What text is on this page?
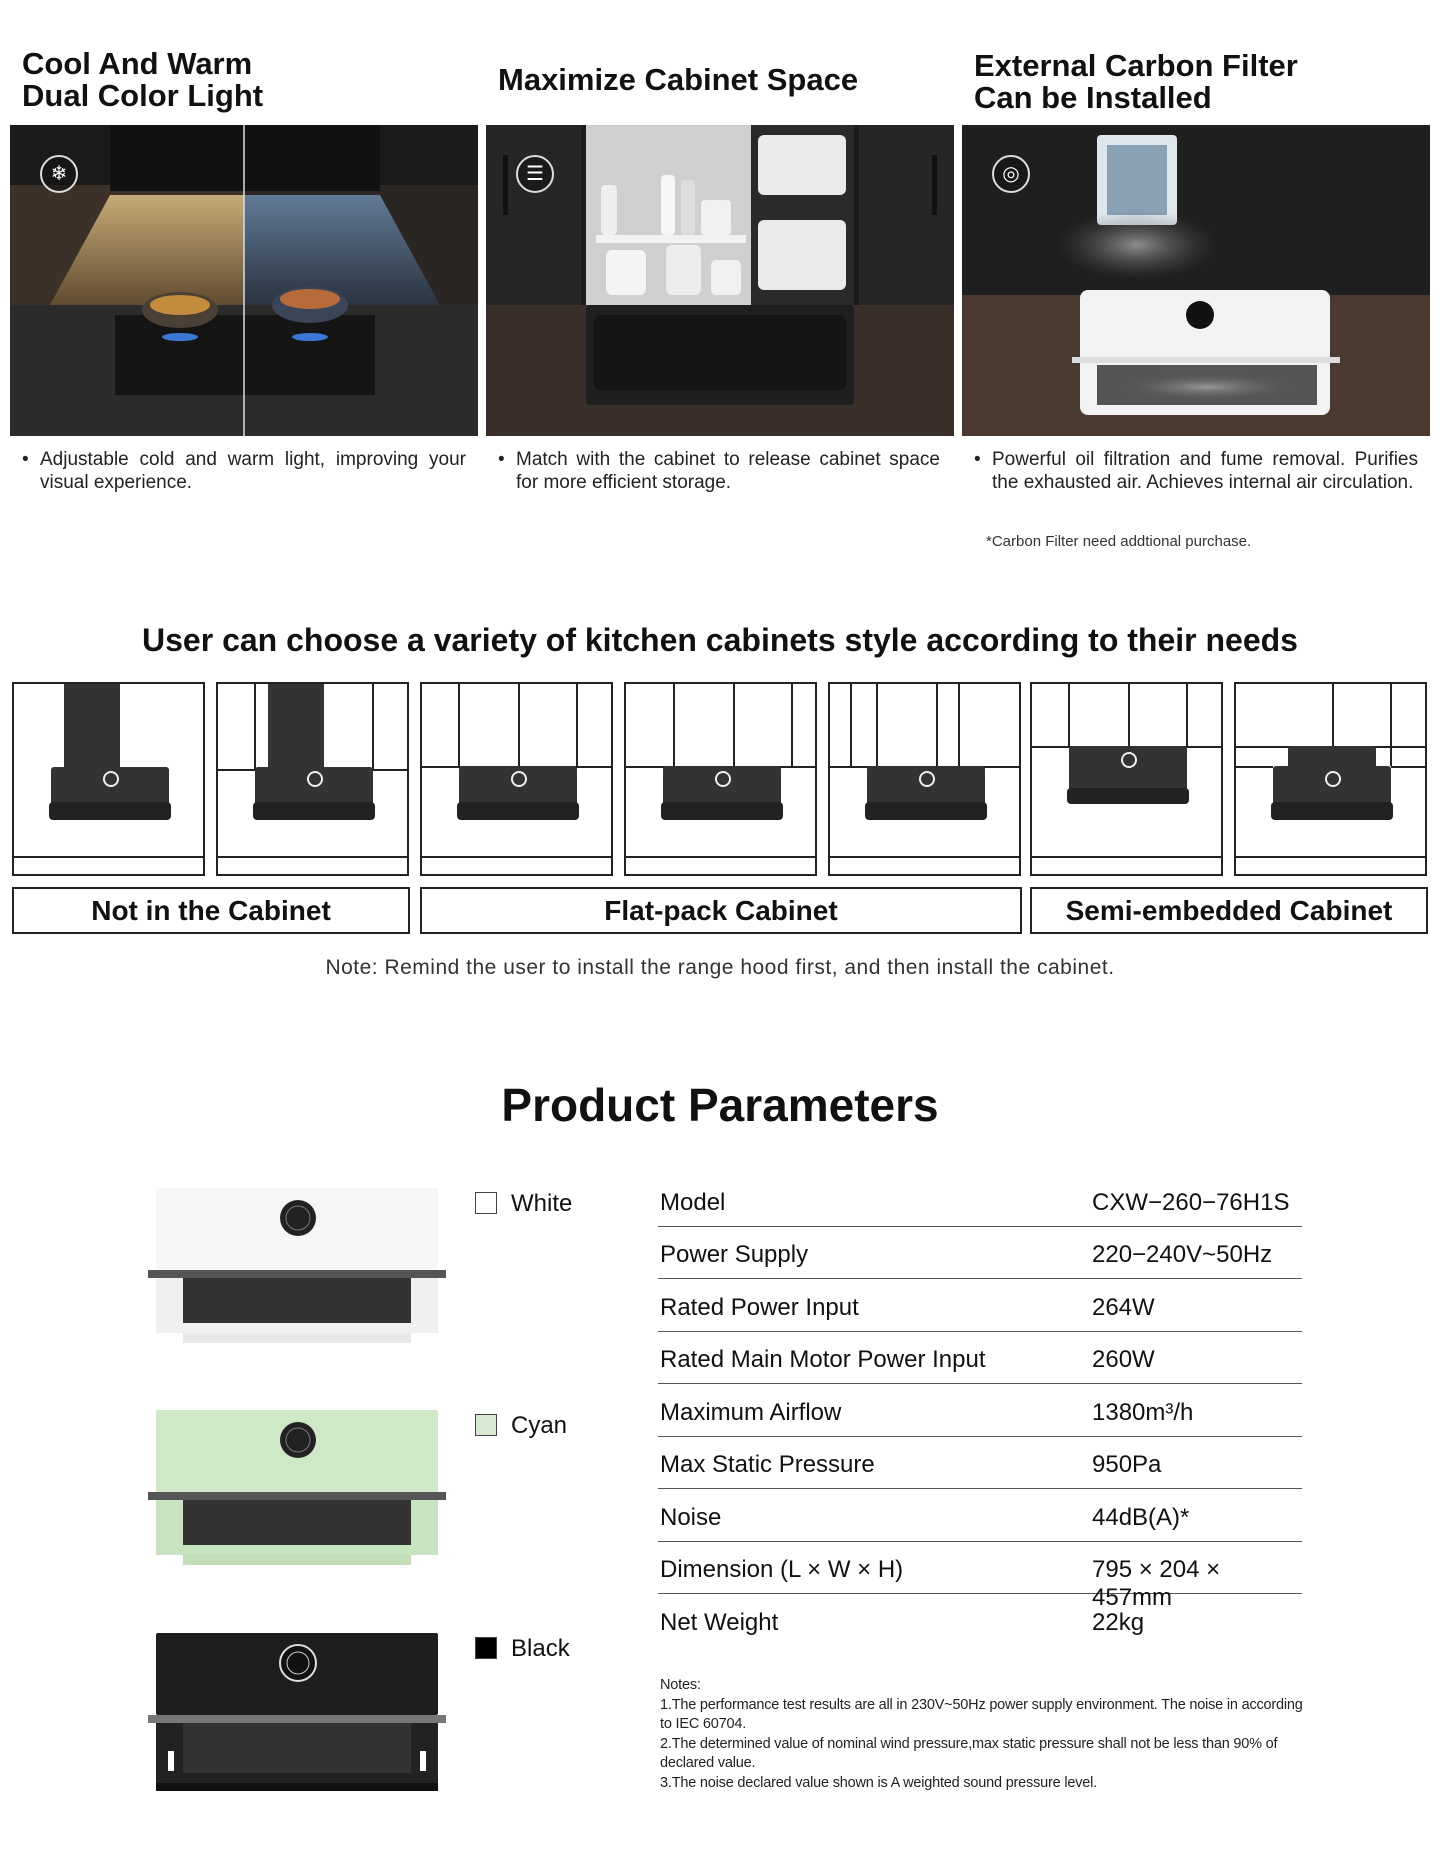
Cool And Warm
Dual Color Light	Maximize Cabinet Space	External Carbon Filter
Can be Installed
❄	☰	◎
• Adjustable cold and warm light, improving your visual experience.
• Match with the cabinet to release cabinet space for more efficient storage.
• Powerful oil filtration and fume removal. Purifies the exhausted air. Achieves internal air circulation.
*Carbon Filter need addtional purchase.
User can choose a variety of kitchen cabinets style according to their needs
Not in the Cabinet	Flat-pack Cabinet	Semi-embedded Cabinet
Note: Remind the user to install the range hood first, and then install the cabinet.
Product Parameters
White
Cyan
Black
Model	CXW−260−76H1S
Power Supply	220−240V~50Hz
Rated Power Input	264W
Rated Main Motor Power Input	260W
Maximum Airflow	1380m³/h
Max Static Pressure	950Pa
Noise	44dB(A)*
Dimension (L × W × H)	795 × 204 × 457mm
Net Weight	22kg
Notes:
1.The performance test results are all in 230V~50Hz power supply environment. The noise in according to IEC 60704.
2.The determined value of nominal wind pressure,max static pressure shall not be less than 90% of declared value.
3.The noise declared value shown is A weighted sound pressure level.
